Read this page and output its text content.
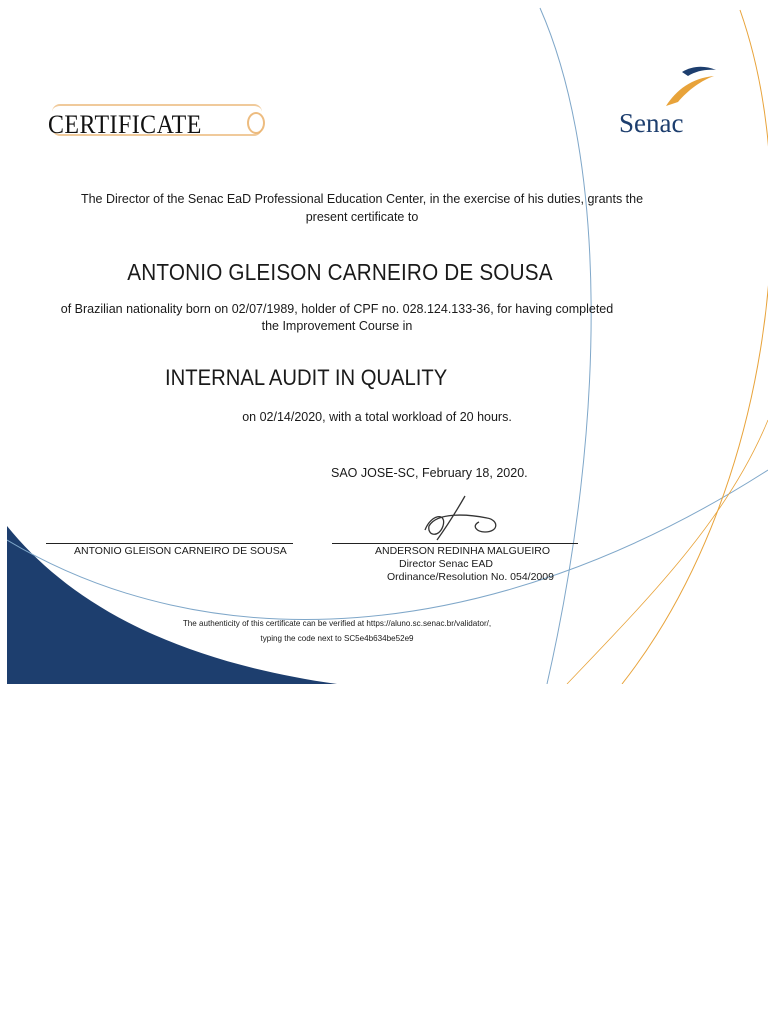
Senac

CERTIFICATE

The Director of the Senac EaD Professional Education Center, in the exercise of his duties, grants the present certificate to

ANTONIO GLEISON CARNEIRO DE SOUSA

of Brazilian nationality born on 02/07/1989, holder of CPF no. 028.124.133-36, for having completed the Improvement Course in

INTERNAL AUDIT IN QUALITY

on 02/14/2020, with a total workload of 20 hours.

SAO JOSE-SC, February 18, 2020.

ANTONIO GLEISON CARNEIRO DE SOUSA	ANDERSON REDINHA MALGUEIRO

Director Senac EAD

Ordinance/Resolution No. 054/2009

The authenticity of this certificate can be verified at https://aluno.sc.senac.br/validator/,
typing the code next to SC5e4b634be52e9
